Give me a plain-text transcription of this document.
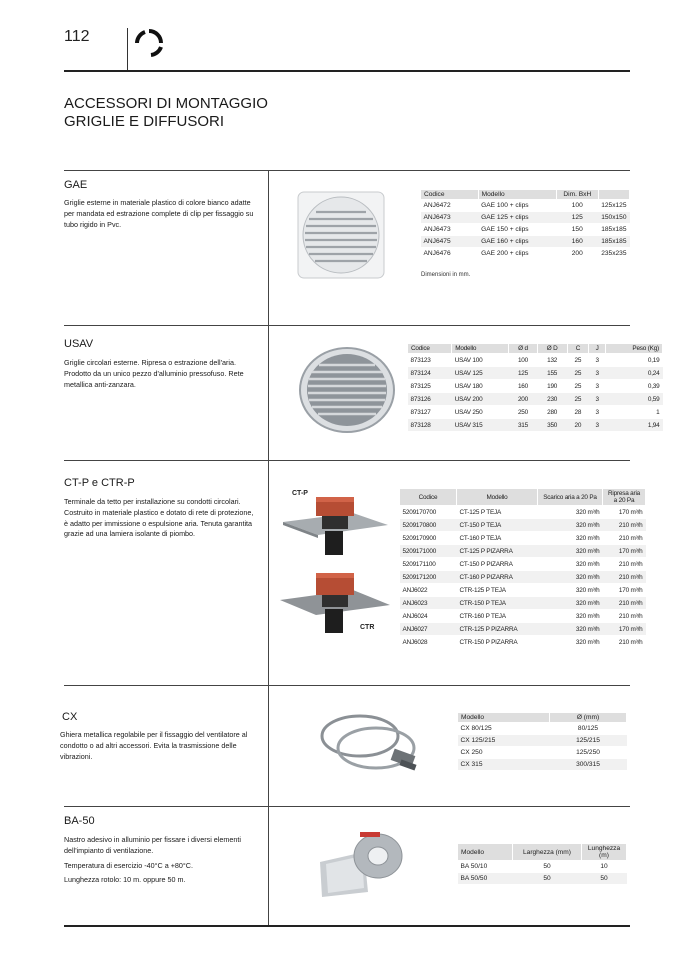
112
ACCESSORI DI MONTAGGIO
GRIGLIE E DIFFUSORI
GAE
Griglie esterne in materiale plastico di colore bianco adatte per mandata ed estrazione complete di clip per fissaggio su tubo rigido in Pvc.
Codice	Modello	Dim. BxH	
ANJ6472	GAE 100 + clips	100	125x125
ANJ6473	GAE 125 + clips	125	150x150
ANJ6473	GAE 150 + clips	150	185x185
ANJ6475	GAE 160 + clips	160	185x185
ANJ6476	GAE 200 + clips	200	235x235
Dimensioni in mm.
USAV
Griglie circolari esterne. Ripresa o estrazione dell'aria. Prodotto da un unico pezzo d'alluminio pressofuso. Rete metallica anti-zanzara.
Codice	Modello	Ø d	Ø D	C	J	Peso (Kg)
873123	USAV 100	100	132	25	3	0,19
873124	USAV 125	125	155	25	3	0,24
873125	USAV 180	160	190	25	3	0,39
873126	USAV 200	200	230	25	3	0,59
873127	USAV 250	250	280	28	3	1
873128	USAV 315	315	350	20	3	1,94
CT-P e CTR-P
Terminale da tetto per installazione su condotti circolari. Costruito in materiale plastico e dotato di rete di protezione, è adatto per immissione o espulsione aria. Tenuta garantita grazie ad una lamiera isolante di piombo.
CT-P
CTR
Codice	Modello	Scarico aria a 20 Pa	Ripresa aria a 20 Pa
5209170700	CT-125 P TEJA	320 m³/h	170 m³/h
5209170800	CT-150 P TEJA	320 m³/h	210 m³/h
5209170900	CT-160 P TEJA	320 m³/h	210 m³/h
5209171000	CT-125 P PIZARRA	320 m³/h	170 m³/h
5209171100	CT-150 P PIZARRA	320 m³/h	210 m³/h
5209171200	CT-160 P PIZARRA	320 m³/h	210 m³/h
ANJ6022	CTR-125 P TEJA	320 m³/h	170 m³/h
ANJ6023	CTR-150 P TEJA	320 m³/h	210 m³/h
ANJ6024	CTR-160 P TEJA	320 m³/h	210 m³/h
ANJ6027	CTR-125 P PIZARRA	320 m³/h	170 m³/h
ANJ6028	CTR-150 P PIZARRA	320 m³/h	210 m³/h
CX
Ghiera metallica regolabile per il fissaggio del ventilatore al condotto o ad altri accessori. Evita la trasmissione delle vibrazioni.
Modello	Ø (mm)
CX 80/125	80/125
CX 125/215	125/215
CX 250	125/250
CX 315	300/315
BA-50

Nastro adesivo in alluminio per fissare i diversi elementi dell'impianto di ventilazione.

Temperatura di esercizio -40°C a +80°C.

Lunghezza rotolo: 10 m. oppure 50 m.

Modello	Larghezza (mm)	Lunghezza (m)
BA 50/10	50	10
BA 50/50	50	50
